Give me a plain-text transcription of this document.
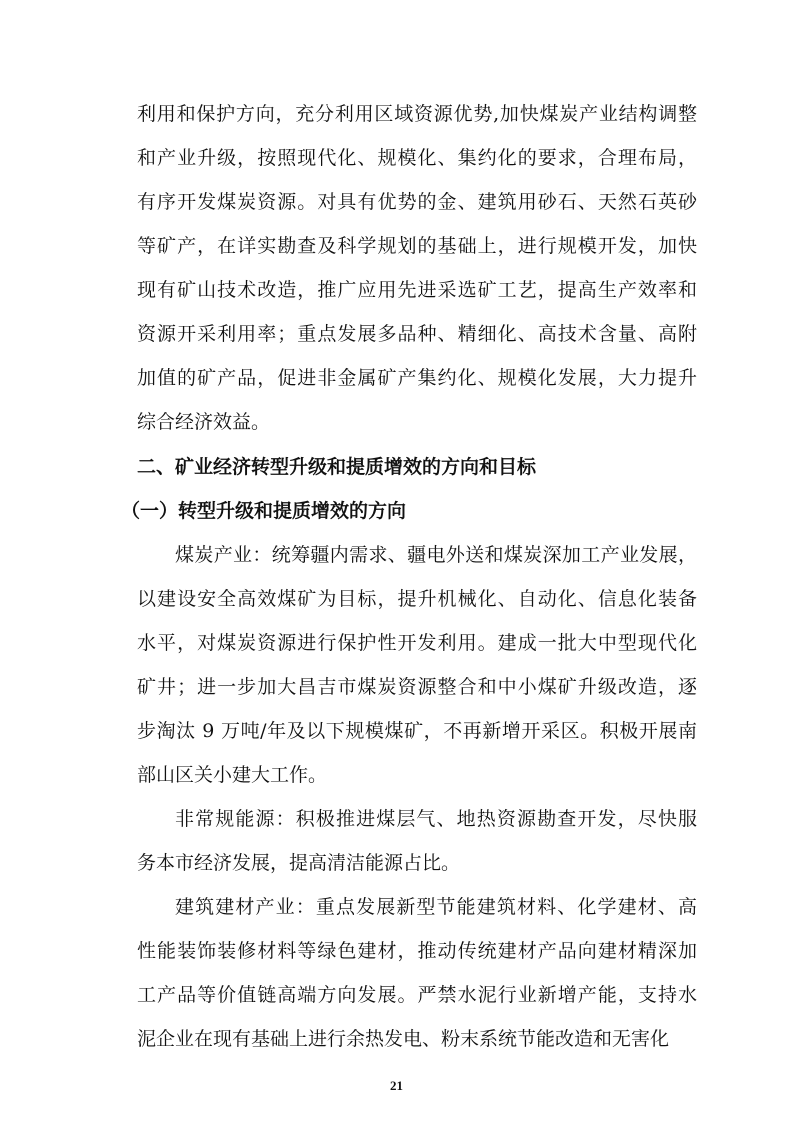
利用和保护方向，充分利用区域资源优势,加快煤炭产业结构调整
和产业升级，按照现代化、规模化、集约化的要求，合理布局，
有序开发煤炭资源。对具有优势的金、建筑用砂石、天然石英砂
等矿产，在详实勘查及科学规划的基础上，进行规模开发，加快
现有矿山技术改造，推广应用先进采选矿工艺，提高生产效率和
资源开采利用率；重点发展多品种、精细化、高技术含量、高附
加值的矿产品，促进非金属矿产集约化、规模化发展，大力提升
综合经济效益。
二、矿业经济转型升级和提质增效的方向和目标
（一）转型升级和提质增效的方向
煤炭产业：统筹疆内需求、疆电外送和煤炭深加工产业发展，
以建设安全高效煤矿为目标，提升机械化、自动化、信息化装备
水平，对煤炭资源进行保护性开发利用。建成一批大中型现代化
矿井；进一步加大昌吉市煤炭资源整合和中小煤矿升级改造，逐
步淘汰 9 万吨/年及以下规模煤矿，不再新增开采区。积极开展南
部山区关小建大工作。
非常规能源：积极推进煤层气、地热资源勘查开发，尽快服
务本市经济发展，提高清洁能源占比。
建筑建材产业：重点发展新型节能建筑材料、化学建材、高
性能装饰装修材料等绿色建材，推动传统建材产品向建材精深加
工产品等价值链高端方向发展。严禁水泥行业新增产能，支持水
21
泥企业在现有基础上进行余热发电、粉末系统节能改造和无害化
